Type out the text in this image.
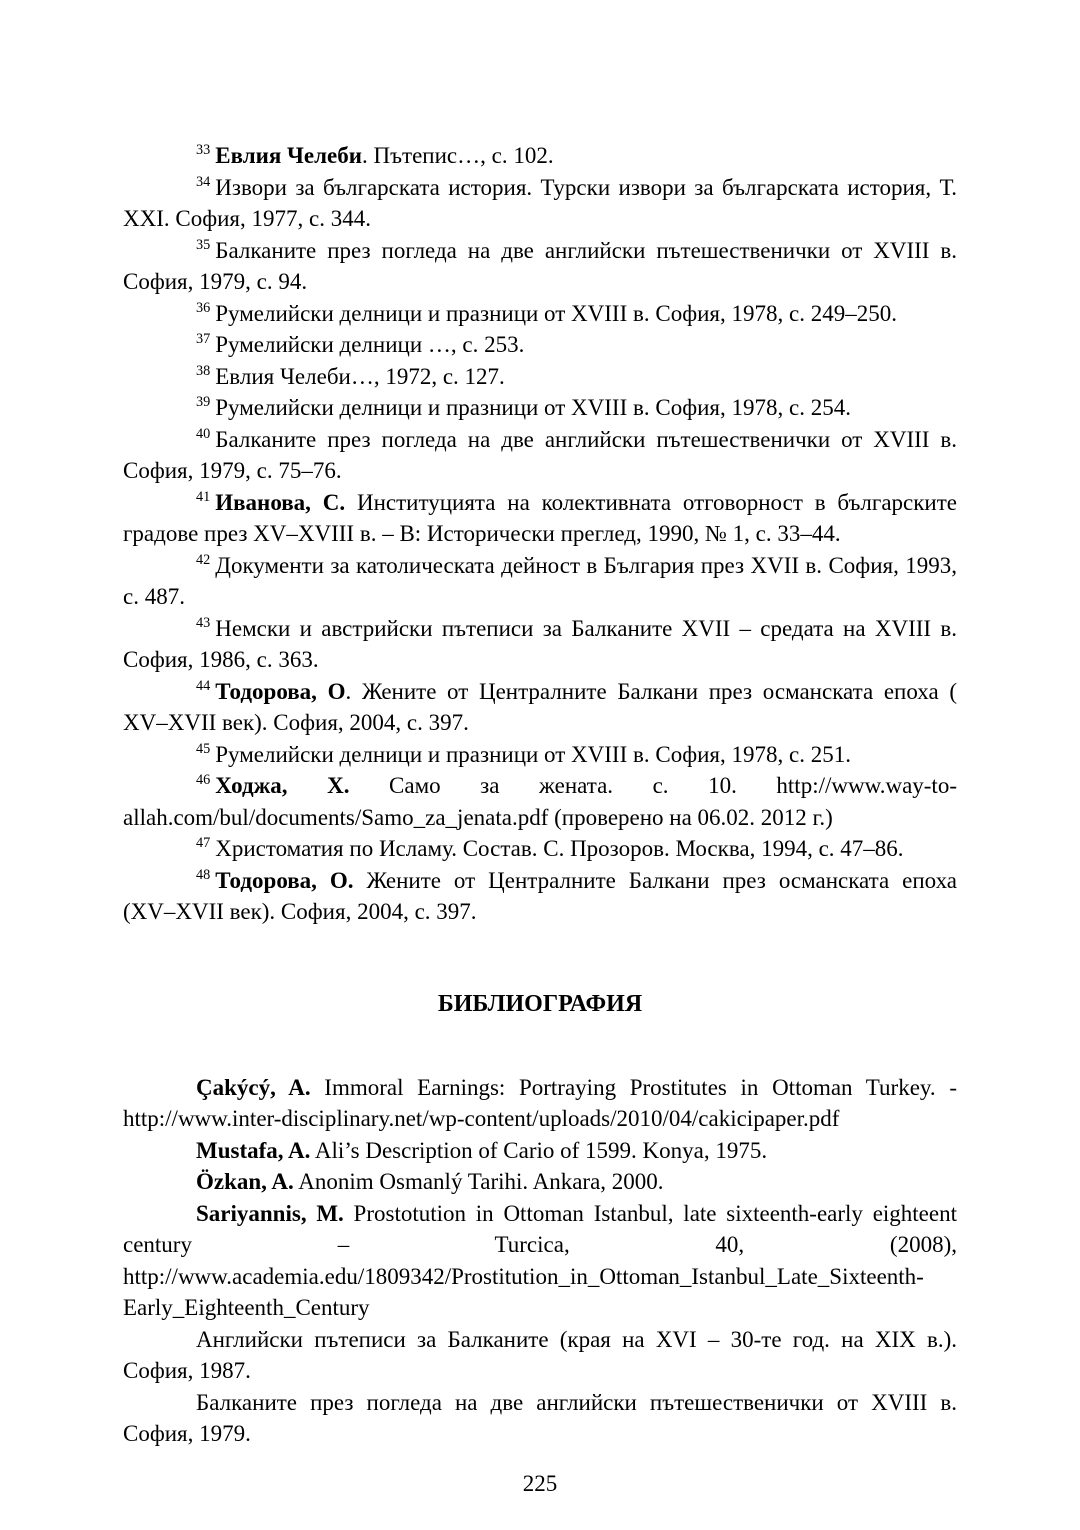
$^{33}$ Евлия Челеби. Пътепис…, с. 102.

$^{34}$ Извори за българската история. Турски извори за българската история, Т. XXI. София, 1977, с. 344.

$^{35}$ Балканите през погледа на две английски пътешественички от XVIII в. София, 1979, с. 94.

$^{36}$ Румелийски делници и празници от XVIII в. София, 1978, с. 249–250.

$^{37}$ Румелийски делници …, с. 253.

$^{38}$ Евлия Челеби…, 1972, с. 127.

$^{39}$ Румелийски делници и празници от XVIII в. София, 1978, с. 254.

$^{40}$ Балканите през погледа на две английски пътешественички от XVIII в. София, 1979, с. 75–76.

$^{41}$ Иванова, С. Институцията на колективната отговорност в българските градове през XV–XVIII в. – В: Исторически преглед, 1990, № 1, с. 33–44.

$^{42}$ Документи за католическата дейност в България през XVII в. София, 1993, с. 487.

$^{43}$ Немски и австрийски пътеписи за Балканите XVII – средата на XVIII в. София, 1986, с. 363.

$^{44}$ Тодорова, О. Жените от Централните Балкани през османската епоха ( XV–XVII век). София, 2004, с. 397.

$^{45}$ Румелийски делници и празници от XVIII в. София, 1978, с. 251.

$^{46}$ Ходжа, Х. Само за жената. с. 10. http://www.way-to-allah.com/bul/documents/Samo_za_jenata.pdf (проверено на 06.02. 2012 г.)

$^{47}$ Христоматия по Исламу. Состав. С. Прозоров. Москва, 1994, с. 47–86.

$^{48}$ Тодорова, О. Жените от Централните Балкани през османската епоха (XV–XVII век). София, 2004, с. 397.

БИБЛИОГРАФИЯ

Çakýcý, A. Immoral Earnings: Portraying Prostitutes in Ottoman Turkey. - http://www.inter-disciplinary.net/wp-content/uploads/2010/04/cakicipaper.pdf

Mustafa, A. Ali’s Description of Cario of 1599. Konya, 1975.

Özkan, A. Anonim Osmanlý Tarihi. Ankara, 2000.

Sariyannis, M. Prostotution in Ottoman Istanbul, late sixteenth-early eighteent century – Turcica, 40, (2008), http://www.academia.edu/1809342/Prostitution_in_Ottoman_Istanbul_Late_Sixteenth-Early_Eighteenth_Century

Английски пътеписи за Балканите (края на XVI – 30-те год. на XIX в.). София, 1987.

Балканите през погледа на две английски пътешественички от XVIII в. София, 1979.

225
